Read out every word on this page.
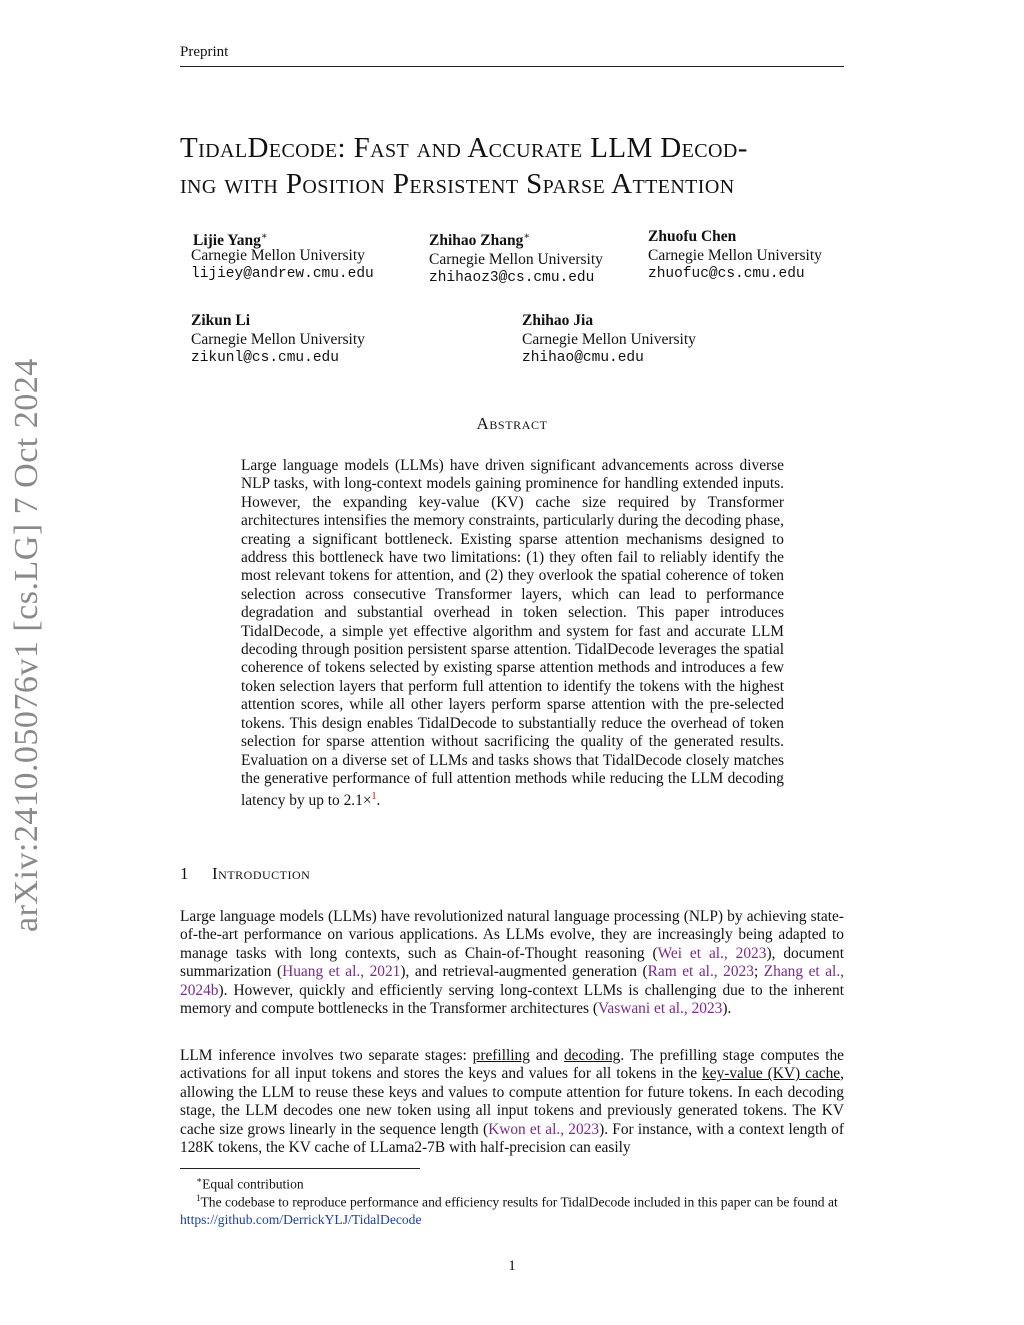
Preprint
TidalDecode: Fast and Accurate LLM Decod-
ing with Position Persistent Sparse Attention
Lijie Yang∗
Carnegie Mellon University
lijiey@andrew.cmu.edu
Zhihao Zhang∗
Carnegie Mellon University
zhihaoz3@cs.cmu.edu
Zhuofu Chen
Carnegie Mellon University
zhuofuc@cs.cmu.edu
Zikun Li
Carnegie Mellon University
zikunl@cs.cmu.edu
Zhihao Jia
Carnegie Mellon University
zhihao@cmu.edu
Abstract
Large language models (LLMs) have driven significant advancements across diverse NLP tasks, with long-context models gaining prominence for handling extended inputs. However, the expanding key-value (KV) cache size required by Transformer architectures intensifies the memory constraints, particularly during the decoding phase, creating a significant bottleneck. Existing sparse attention mechanisms designed to address this bottleneck have two limitations: (1) they often fail to reliably identify the most relevant tokens for attention, and (2) they overlook the spatial coherence of token selection across consecutive Transformer layers, which can lead to performance degradation and substantial overhead in token selection. This paper introduces TidalDecode, a simple yet effective algorithm and system for fast and accurate LLM decoding through position persistent sparse attention. TidalDecode leverages the spatial coherence of tokens selected by existing sparse attention methods and introduces a few token selection layers that perform full attention to identify the tokens with the highest attention scores, while all other layers perform sparse attention with the pre-selected tokens. This design enables TidalDecode to substantially reduce the overhead of token selection for sparse attention without sacrificing the quality of the generated results. Evaluation on a diverse set of LLMs and tasks shows that TidalDecode closely matches the generative performance of full attention methods while reducing the LLM decoding latency by up to 2.1×$^1$.
1 Introduction
Large language models (LLMs) have revolutionized natural language processing (NLP) by achieving state-of-the-art performance on various applications. As LLMs evolve, they are increasingly being adapted to manage tasks with long contexts, such as Chain-of-Thought reasoning (Wei et al., 2023), document summarization (Huang et al., 2021), and retrieval-augmented generation (Ram et al., 2023; Zhang et al., 2024b). However, quickly and efficiently serving long-context LLMs is challenging due to the inherent memory and compute bottlenecks in the Transformer architectures (Vaswani et al., 2023).
LLM inference involves two separate stages: prefilling and decoding. The prefilling stage computes the activations for all input tokens and stores the keys and values for all tokens in the key-value (KV) cache, allowing the LLM to reuse these keys and values to compute attention for future tokens. In each decoding stage, the LLM decodes one new token using all input tokens and previously generated tokens. The KV cache size grows linearly in the sequence length (Kwon et al., 2023). For instance, with a context length of 128K tokens, the KV cache of LLama2-7B with half-precision can easily
∗Equal contribution
$^1$The codebase to reproduce performance and efficiency results for TidalDecode included in this paper can be found at https://github.com/DerrickYLJ/TidalDecode
1
arXiv:2410.05076v1 [cs.LG] 7 Oct 2024
